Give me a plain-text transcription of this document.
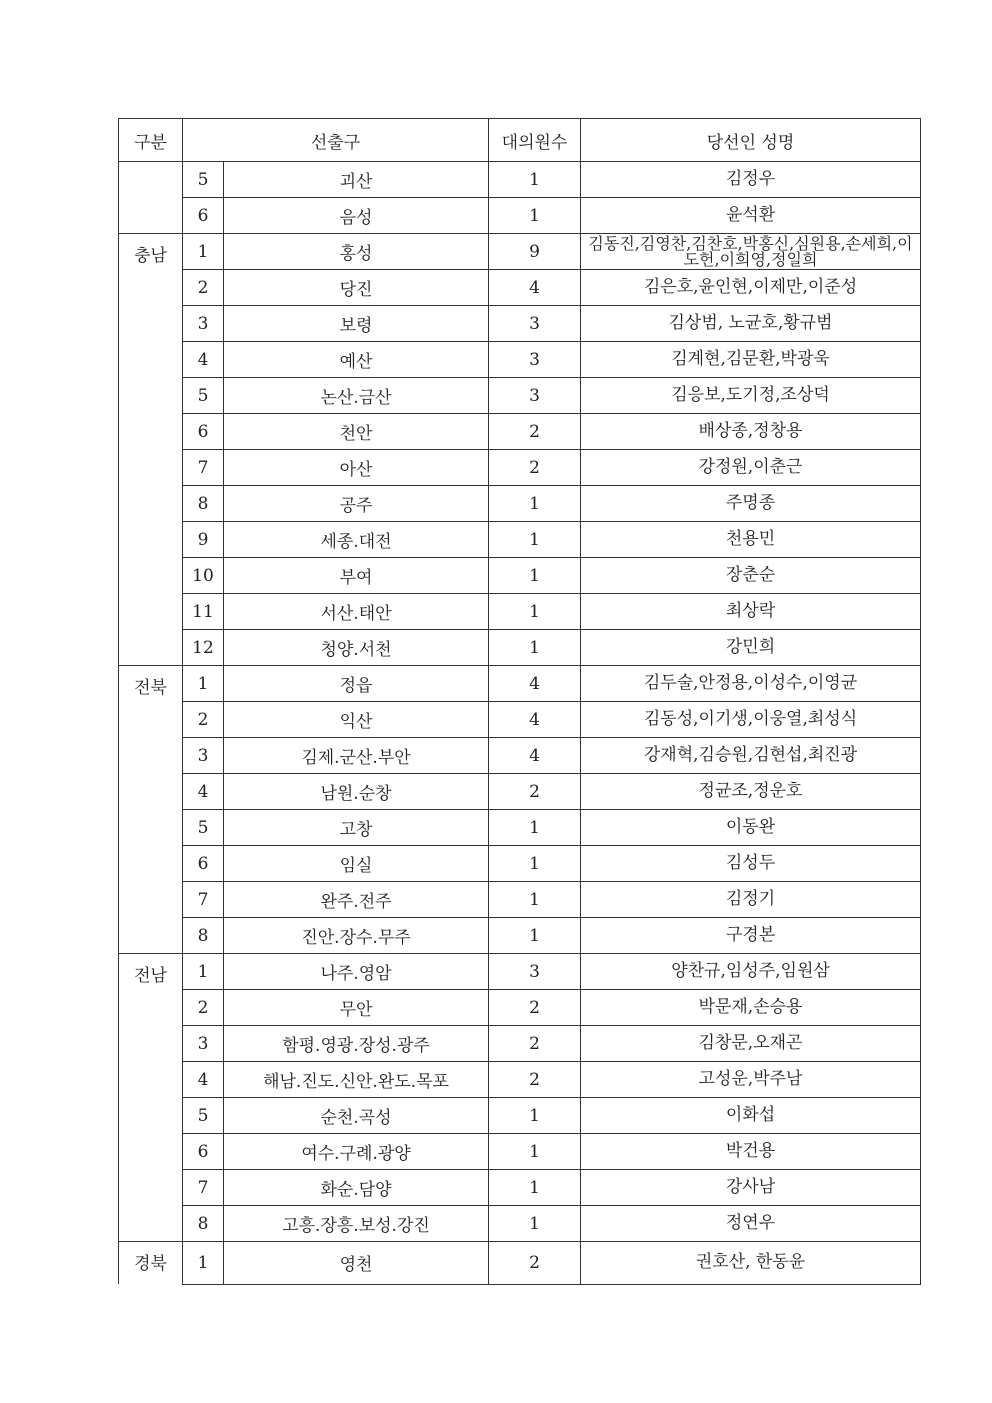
구분	선출구		대의원수	당선인 성명
	5	괴산	1	김정우
	6	음성	1	윤석환
충남	1	홍성	9	김동진,김영찬,김찬호,박홍신,심원용,손세희,이도헌,이희영,정일희
	2	당진	4	김은호,윤인현,이제만,이준성
	3	보령	3	김상범, 노균호,황규범
	4	예산	3	김계현,김문환,박광욱
	5	논산.금산	3	김응보,도기정,조상덕
	6	천안	2	배상종,정창용
	7	아산	2	강정원,이춘근
	8	공주	1	주명종
	9	세종.대전	1	천용민
	10	부여	1	장춘순
	11	서산.태안	1	최상락
	12	청양.서천	1	강민희
전북	1	정읍	4	김두술,안정용,이성수,이영균
	2	익산	4	김동성,이기생,이웅열,최성식
	3	김제.군산.부안	4	강재혁,김승원,김현섭,최진광
	4	남원.순창	2	정균조,정운호
	5	고창	1	이동완
	6	임실	1	김성두
	7	완주.전주	1	김정기
	8	진안.장수.무주	1	구경본
전남	1	나주.영암	3	양찬규,임성주,임원삼
	2	무안	2	박문재,손승용
	3	함평.영광.장성.광주	2	김창문,오재곤
	4	해남.진도.신안.완도.목포	2	고성운,박주남
	5	순천.곡성	1	이화섭
	6	여수.구례.광양	1	박건용
	7	화순.담양	1	강사남
	8	고흥.장흥.보성.강진	1	정연우
경북	1	영천	2	권호산, 한동윤
